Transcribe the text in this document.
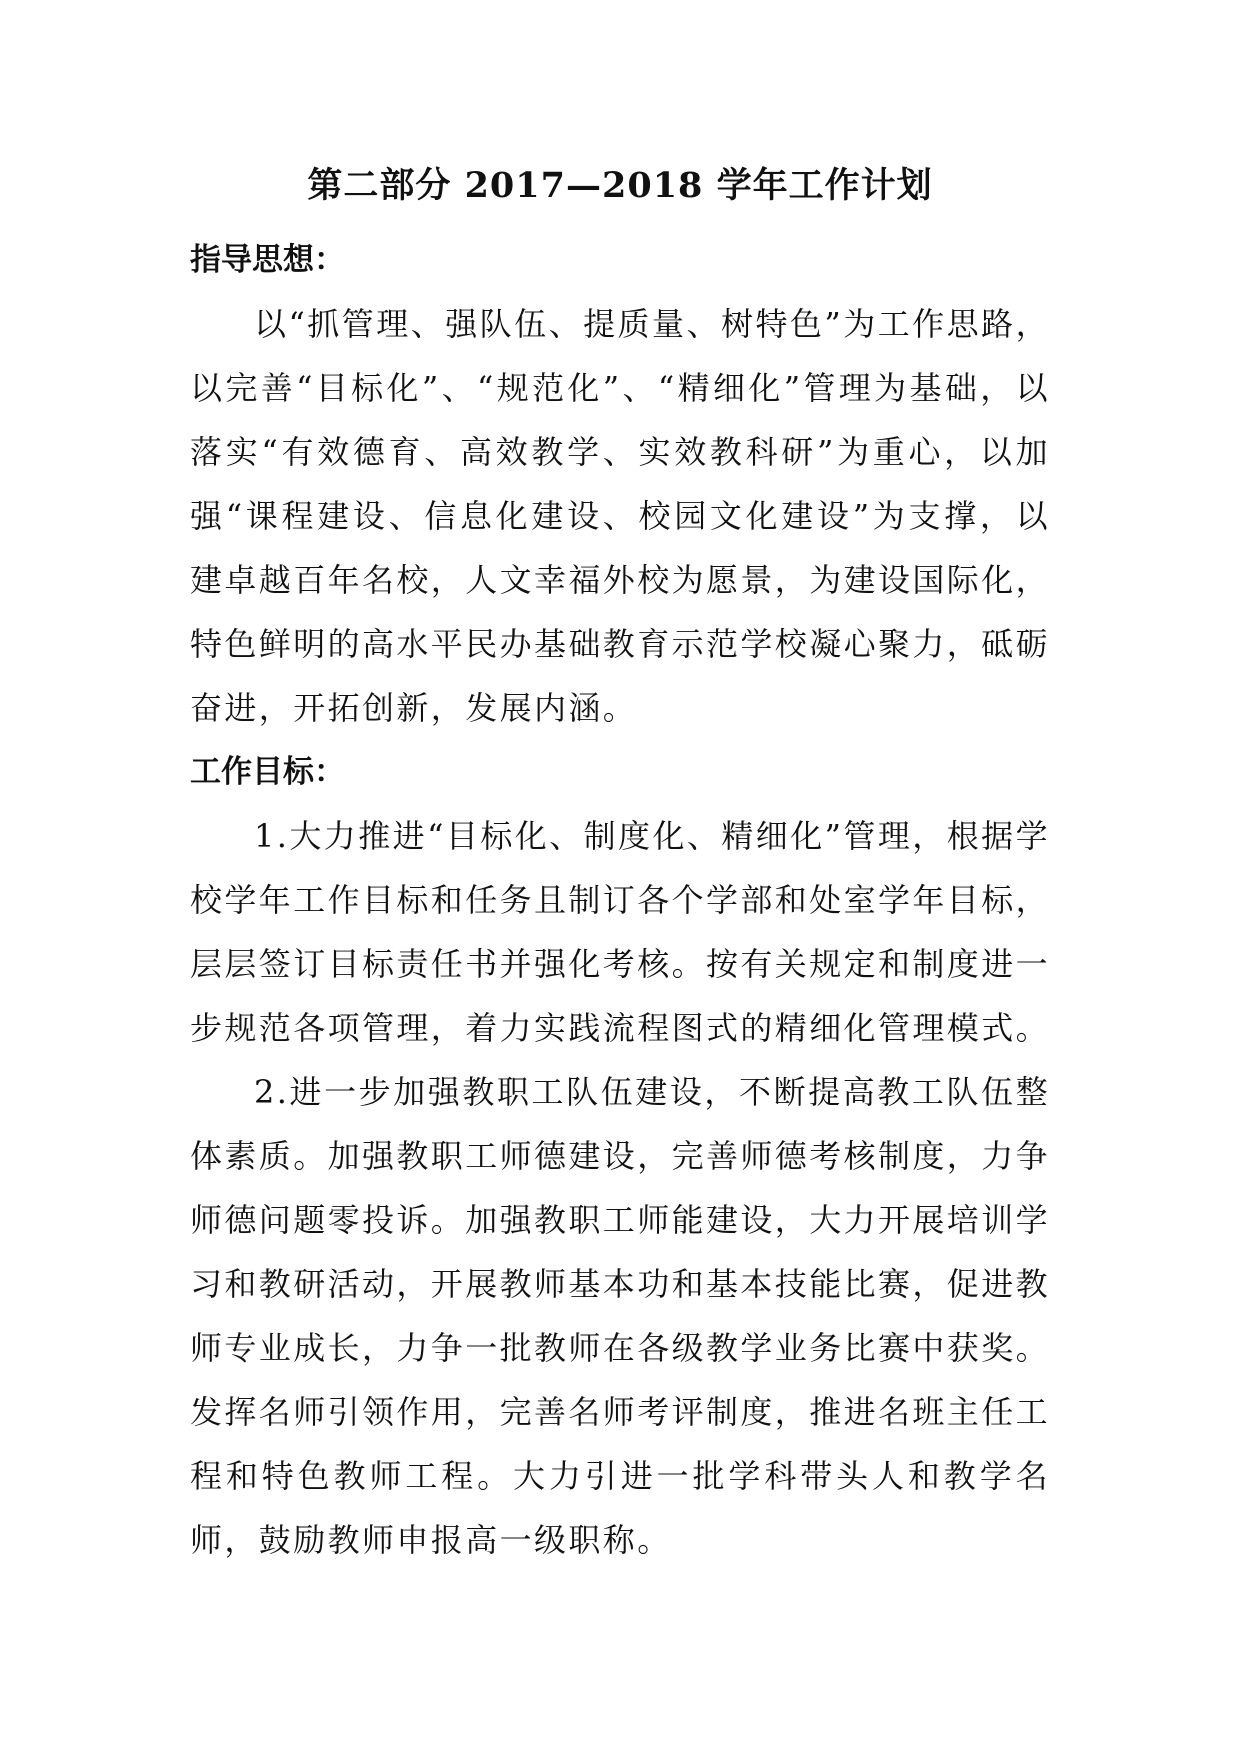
第二部分 2017—2018 学年工作计划
指导思想：

以“抓管理、强队伍、提质量、树特色”为工作思路，以完善“目标化”、“规范化”、“精细化”管理为基础，以落实“有效德育、高效教学、实效教科研”为重心，以加强“课程建设、信息化建设、校园文化建设”为支撑，以建卓越百年名校，人文幸福外校为愿景，为建设国际化，特色鲜明的高水平民办基础教育示范学校凝心聚力，砥砺奋进，开拓创新，发展内涵。

工作目标：

1.大力推进“目标化、制度化、精细化”管理，根据学校学年工作目标和任务且制订各个学部和处室学年目标，层层签订目标责任书并强化考核。按有关规定和制度进一步规范各项管理，着力实践流程图式的精细化管理模式。

2.进一步加强教职工队伍建设，不断提高教工队伍整体素质。加强教职工师德建设，完善师德考核制度，力争师德问题零投诉。加强教职工师能建设，大力开展培训学习和教研活动，开展教师基本功和基本技能比赛，促进教师专业成长，力争一批教师在各级教学业务比赛中获奖。发挥名师引领作用，完善名师考评制度，推进名班主任工程和特色教师工程。大力引进一批学科带头人和教学名师，鼓励教师申报高一级职称。
